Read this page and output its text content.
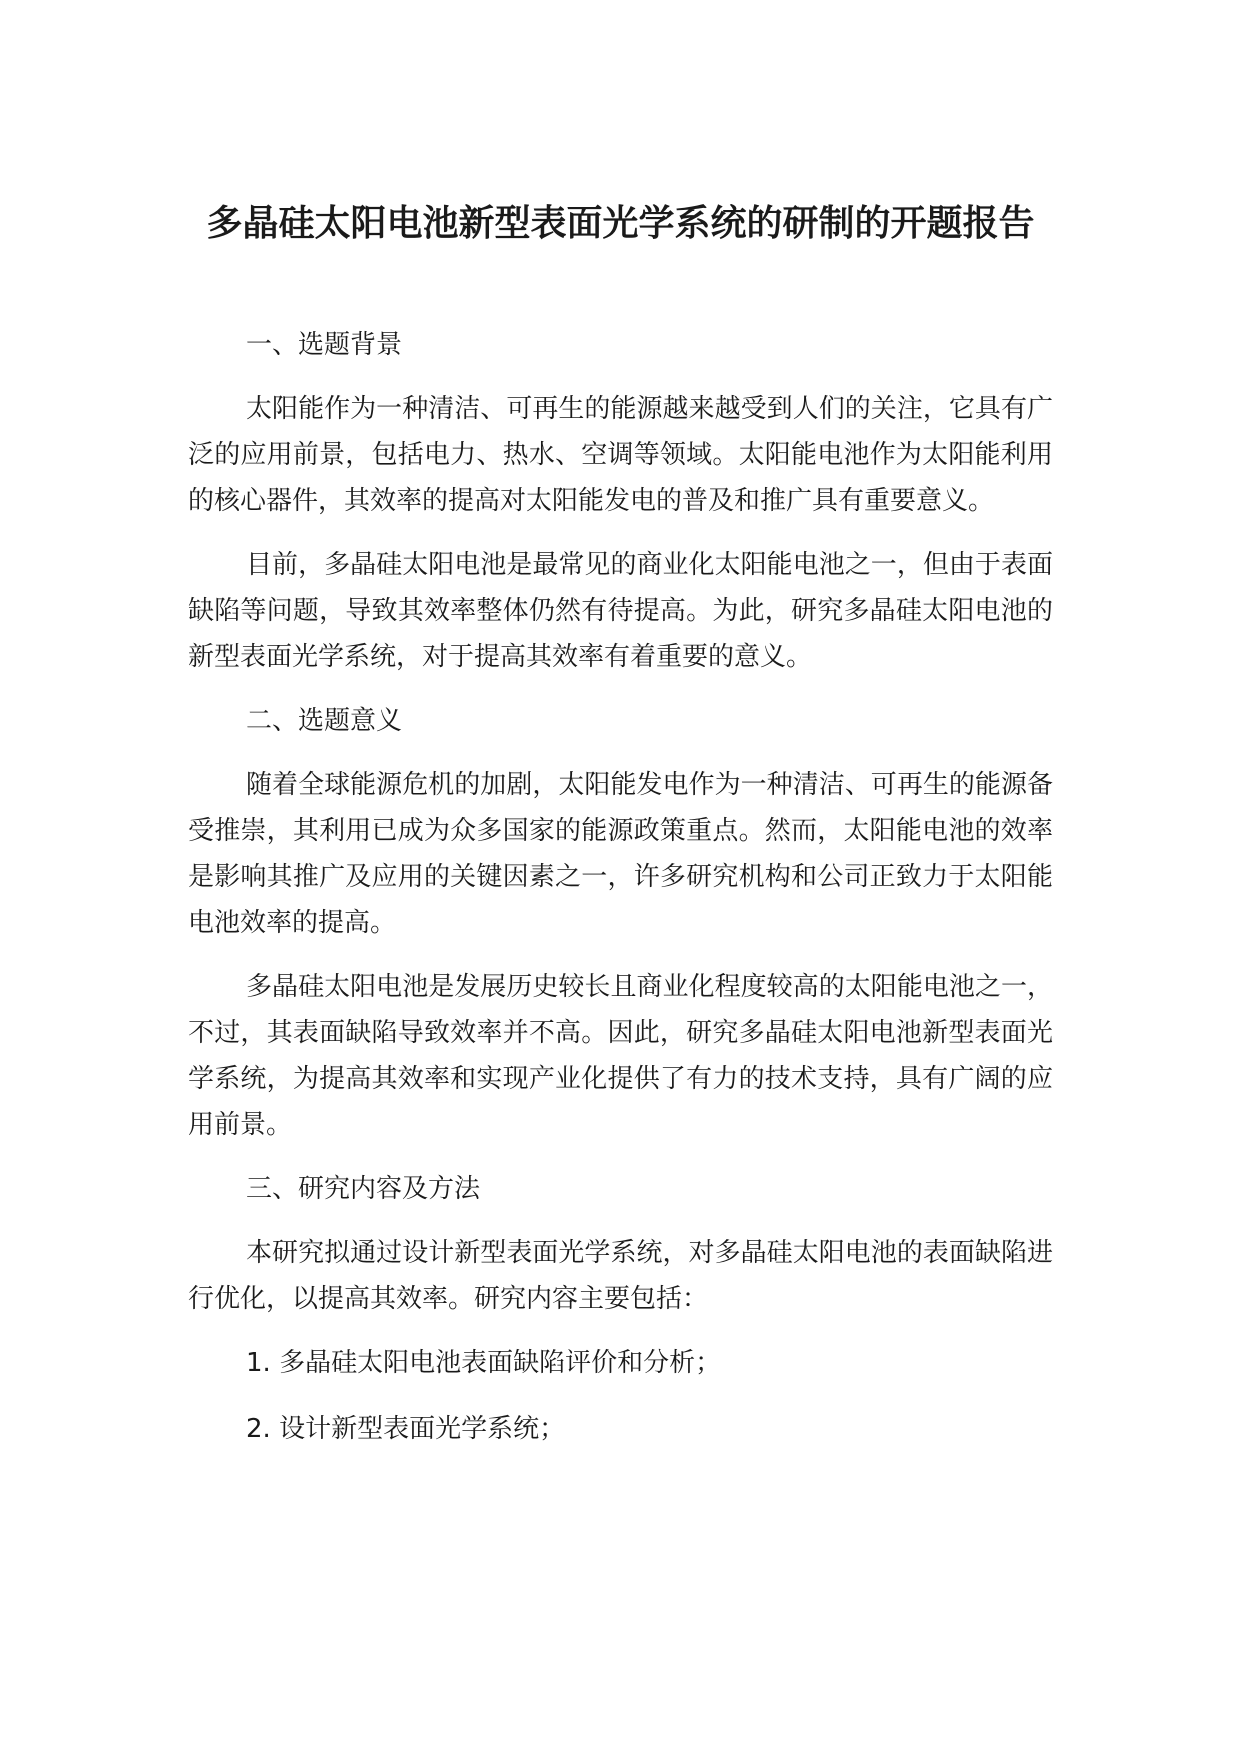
多晶硅太阳电池新型表面光学系统的研制的开题报告

一、选题背景

太阳能作为一种清洁、可再生的能源越来越受到人们的关注，它具有广泛的应用前景，包括电力、热水、空调等领域。太阳能电池作为太阳能利用的核心器件，其效率的提高对太阳能发电的普及和推广具有重要意义。

目前，多晶硅太阳电池是最常见的商业化太阳能电池之一，但由于表面缺陷等问题，导致其效率整体仍然有待提高。为此，研究多晶硅太阳电池的新型表面光学系统，对于提高其效率有着重要的意义。

二、选题意义

随着全球能源危机的加剧，太阳能发电作为一种清洁、可再生的能源备受推崇，其利用已成为众多国家的能源政策重点。然而，太阳能电池的效率是影响其推广及应用的关键因素之一，许多研究机构和公司正致力于太阳能电池效率的提高。

多晶硅太阳电池是发展历史较长且商业化程度较高的太阳能电池之一，不过，其表面缺陷导致效率并不高。因此，研究多晶硅太阳电池新型表面光学系统，为提高其效率和实现产业化提供了有力的技术支持，具有广阔的应用前景。

三、研究内容及方法

本研究拟通过设计新型表面光学系统，对多晶硅太阳电池的表面缺陷进行优化，以提高其效率。研究内容主要包括：

1. 多晶硅太阳电池表面缺陷评价和分析；

2. 设计新型表面光学系统；
